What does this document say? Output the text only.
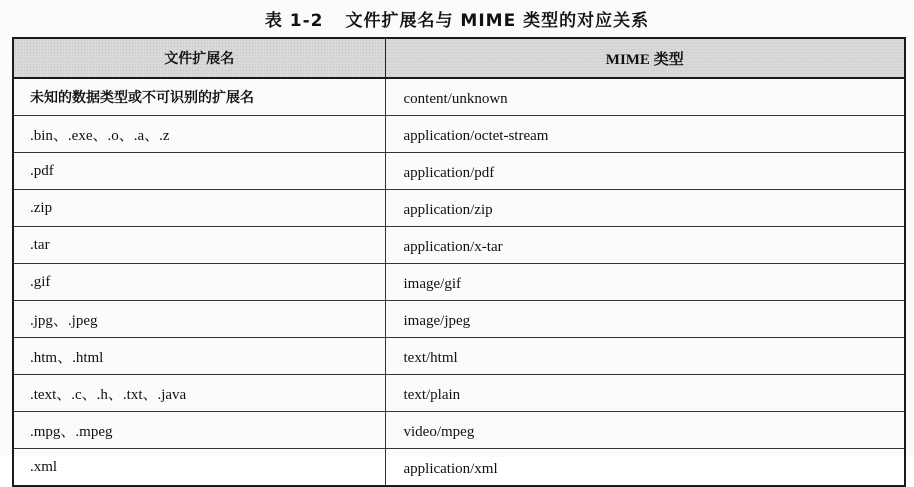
表 1-2 文件扩展名与 MIME 类型的对应关系
文件扩展名	MIME 类型
未知的数据类型或不可识别的扩展名	content/unknown
.bin、.exe、.o、.a、.z	application/octet-stream
.pdf	application/pdf
.zip	application/zip
.tar	application/x-tar
.gif	image/gif
.jpg、.jpeg	image/jpeg
.htm、.html	text/html
.text、.c、.h、.txt、.java	text/plain
.mpg、.mpeg	video/mpeg
.xml	application/xml
